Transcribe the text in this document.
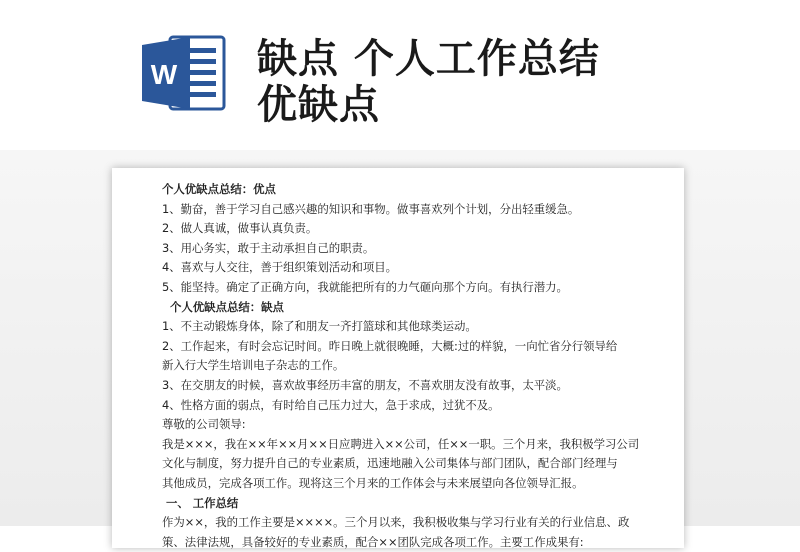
W 缺点 个人工作总结
优缺点
个人优缺点总结：优点
1、勤奋，善于学习自己感兴趣的知识和事物。做事喜欢列个计划，分出轻重缓急。
2、做人真诚，做事认真负责。
3、用心务实，敢于主动承担自己的职责。
4、喜欢与人交往，善于组织策划活动和项目。
5、能坚持。确定了正确方向，我就能把所有的力气砸向那个方向。有执行潜力。
个人优缺点总结：缺点
1、不主动锻炼身体，除了和朋友一齐打篮球和其他球类运动。
2、工作起来，有时会忘记时间。昨日晚上就很晚睡，大概:过的样貌，一向忙省分行领导给
新入行大学生培训电子杂志的工作。
3、在交朋友的时候，喜欢故事经历丰富的朋友，不喜欢朋友没有故事，太平淡。
4、性格方面的弱点，有时给自己压力过大，急于求成，过犹不及。
尊敬的公司领导:
我是×××，我在××年××月××日应聘进入××公司，任××一职。三个月来，我积极学习公司
文化与制度，努力提升自己的专业素质，迅速地融入公司集体与部门团队，配合部门经理与
其他成员，完成各项工作。现将这三个月来的工作体会与未来展望向各位领导汇报。
一、 工作总结
作为××，我的工作主要是××××。三个月以来，我积极收集与学习行业有关的行业信息、政
策、法律法规，具备较好的专业素质，配合××团队完成各项工作。主要工作成果有:
